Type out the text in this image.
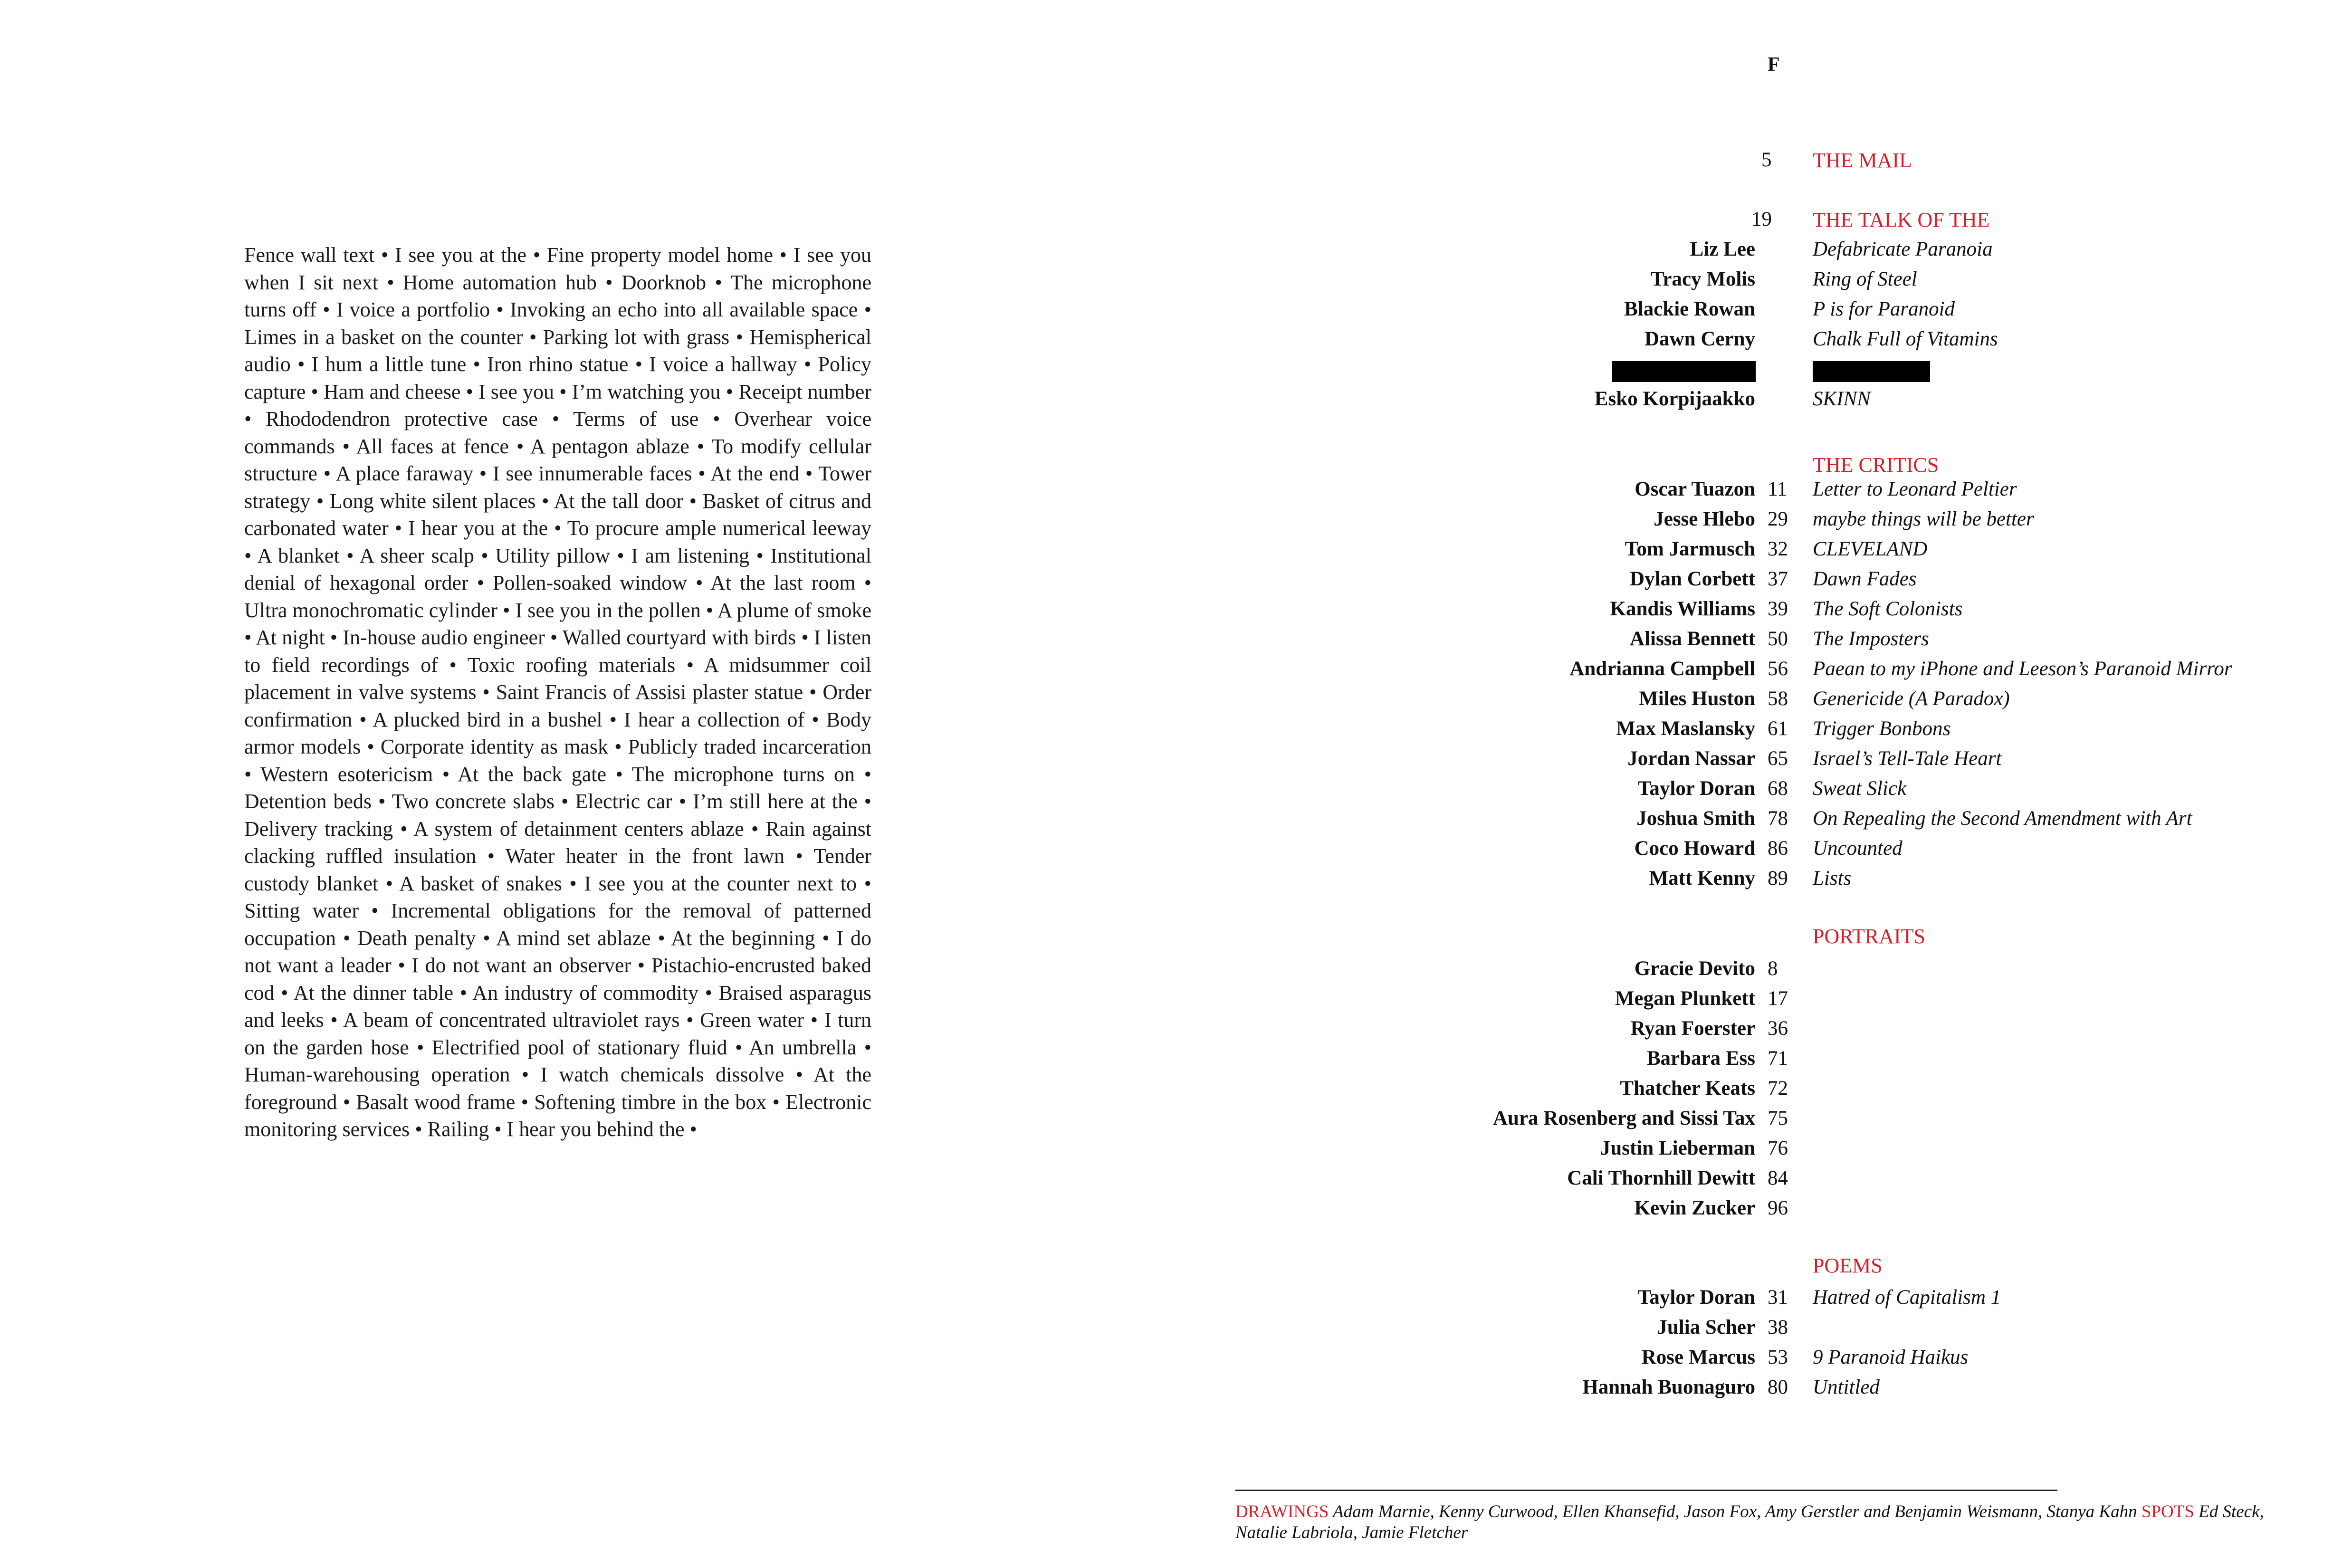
Fence wall text • I see you at the • Fine property model home • I see you when I sit next • Home automation hub • Doorknob • The microphone turns off • I voice a portfolio • Invoking an echo into all available space • Limes in a basket on the counter • Parking lot with grass • Hemispherical audio • I hum a little tune • Iron rhino statue • I voice a hallway • Policy capture • Ham and cheese • I see you • I’m watching you • Receipt number • Rhododendron protective case • Terms of use • Overhear voice commands • All faces at fence • A pentagon ablaze • To modify cellular structure • A place faraway • I see innumerable faces • At the end • Tower strategy • Long white silent places • At the tall door • Basket of citrus and carbonated water • I hear you at the • To procure ample numerical leeway • A blanket • A sheer scalp • Utility pillow • I am listening • Institutional denial of hexagonal order • Pollen-soaked window • At the last room • Ultra monochromatic cylinder • I see you in the pollen • A plume of smoke • At night • In-house audio engineer • Walled courtyard with birds • I listen to field recordings of • Toxic roofing materials • A midsummer coil placement in valve systems • Saint Francis of Assisi plaster statue • Order confirmation • A plucked bird in a bushel • I hear a collection of • Body armor models • Corporate identity as mask • Publicly traded incarceration • Western esotericism • At the back gate • The microphone turns on • Detention beds • Two concrete slabs • Electric car • I’m still here at the • Delivery tracking • A system of detainment centers ablaze • Rain against clacking ruffled insulation • Water heater in the front lawn • Tender custody blanket • A basket of snakes • I see you at the counter next to • Sitting water • Incremental obligations for the removal of patterned occupation • Death penalty • A mind set ablaze • At the beginning • I do not want a leader • I do not want an observer • Pistachio-encrusted baked cod • At the dinner table • An industry of commodity • Braised asparagus and leeks • A beam of concentrated ultraviolet rays • Green water • I turn on the garden hose • Electrified pool of stationary fluid • An umbrella • Human-warehousing operation • I watch chemicals dissolve • At the foreground • Basalt wood frame • Softening timbre in the box • Electronic monitoring services • Railing • I hear you behind the •
F
5 THE MAIL
19 THE TALK OF THE
Liz Lee	Defabricate Paranoia
Tracy Molis	Ring of Steel
Blackie Rowan	P is for Paranoid
Dawn Cerny	Chalk Full of Vitamins
Esko Korpijaakko	SKINN
THE CRITICS
Oscar Tuazon 11 Letter to Leonard Peltier
Jesse Hlebo 29 maybe things will be better
Tom Jarmusch 32 CLEVELAND
Dylan Corbett 37 Dawn Fades
Kandis Williams 39 The Soft Colonists
Alissa Bennett 50 The Imposters
Andrianna Campbell 56 Paean to my iPhone and Leeson’s Paranoid Mirror
Miles Huston 58 Genericide (A Paradox)
Max Maslansky 61 Trigger Bonbons
Jordan Nassar 65 Israel’s Tell-Tale Heart
Taylor Doran 68 Sweat Slick
Joshua Smith 78 On Repealing the Second Amendment with Art
Coco Howard 86 Uncounted
Matt Kenny 89 Lists
PORTRAITS
Gracie Devito 8
Megan Plunkett 17
Ryan Foerster 36
Barbara Ess 71
Thatcher Keats 72
Aura Rosenberg and Sissi Tax 75
Justin Lieberman 76
Cali Thornhill Dewitt 84
Kevin Zucker 96
POEMS
Taylor Doran 31 Hatred of Capitalism 1
Julia Scher 38
Rose Marcus 53 9 Paranoid Haikus
Hannah Buonaguro 80 Untitled
DRAWINGS Adam Marnie, Kenny Curwood, Ellen Khansefid, Jason Fox, Amy Gerstler and Benjamin Weismann, Stanya Kahn SPOTS Ed Steck, Natalie Labriola, Jamie Fletcher
